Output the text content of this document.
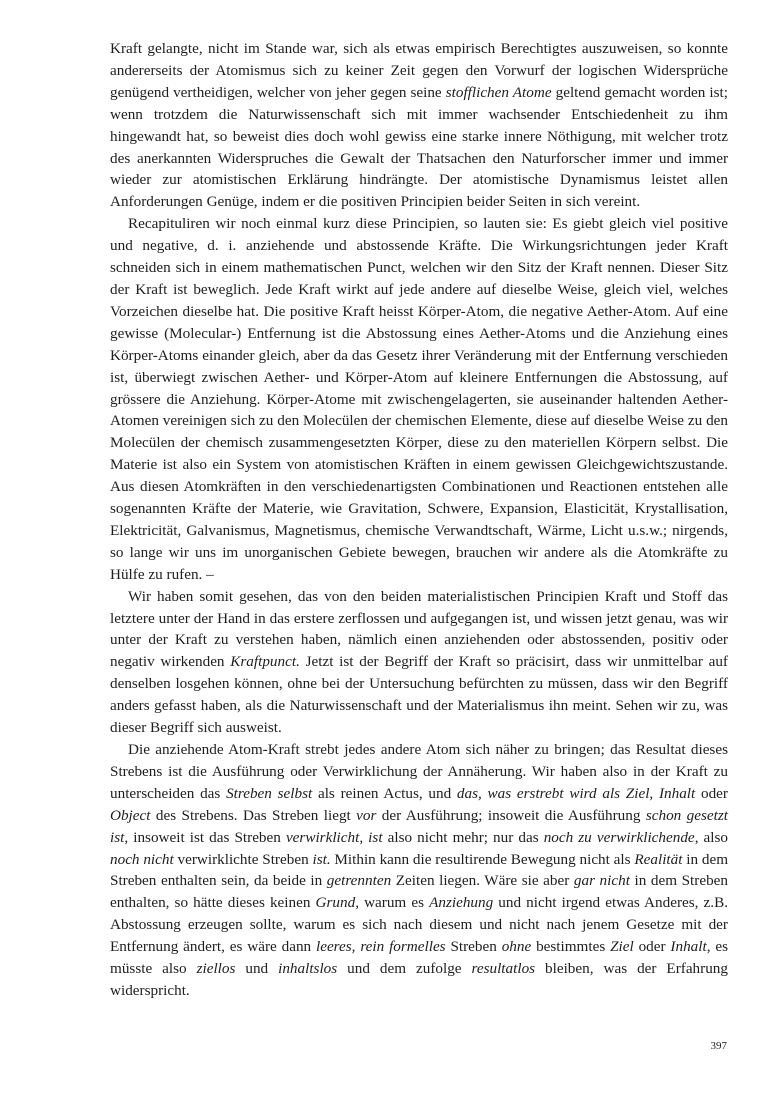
Kraft gelangte, nicht im Stande war, sich als etwas empirisch Berechtigtes auszuweisen, so konnte andererseits der Atomismus sich zu keiner Zeit gegen den Vorwurf der logischen Widersprüche genügend vertheidigen, welcher von jeher gegen seine stofflichen Atome geltend gemacht worden ist; wenn trotzdem die Naturwissenschaft sich mit immer wachsender Entschiedenheit zu ihm hingewandt hat, so beweist dies doch wohl gewiss eine starke innere Nöthigung, mit welcher trotz des anerkannten Widerspruches die Gewalt der Thatsachen den Naturforscher immer und immer wieder zur atomistischen Erklärung hindrängte. Der atomistische Dynamismus leistet allen Anforderungen Genüge, indem er die positiven Principien beider Seiten in sich vereint.

Recapituliren wir noch einmal kurz diese Principien, so lauten sie: Es giebt gleich viel positive und negative, d. i. anziehende und abstossende Kräfte. Die Wirkungsrichtungen jeder Kraft schneiden sich in einem mathematischen Punct, welchen wir den Sitz der Kraft nennen. Dieser Sitz der Kraft ist beweglich. Jede Kraft wirkt auf jede andere auf dieselbe Weise, gleich viel, welches Vorzeichen dieselbe hat. Die positive Kraft heisst Körper-Atom, die negative Aether-Atom. Auf eine gewisse (Molecular-) Entfernung ist die Abstossung eines Aether-Atoms und die Anziehung eines Körper-Atoms einander gleich, aber da das Gesetz ihrer Veränderung mit der Entfernung verschieden ist, überwiegt zwischen Aether- und Körper-Atom auf kleinere Entfernungen die Abstossung, auf grössere die Anziehung. Körper-Atome mit zwischengelagerten, sie auseinander haltenden Aether-Atomen vereinigen sich zu den Molecülen der chemischen Elemente, diese auf dieselbe Weise zu den Molecülen der chemisch zusammengesetzten Körper, diese zu den materiellen Körpern selbst. Die Materie ist also ein System von atomistischen Kräften in einem gewissen Gleichgewichtszustande. Aus diesen Atomkräften in den verschiedenartigsten Combinationen und Reactionen entstehen alle sogenannten Kräfte der Materie, wie Gravitation, Schwere, Expansion, Elasticität, Krystallisation, Elektricität, Galvanismus, Magnetismus, chemische Verwandtschaft, Wärme, Licht u.s.w.; nirgends, so lange wir uns im unorganischen Gebiete bewegen, brauchen wir andere als die Atomkräfte zu Hülfe zu rufen. –

Wir haben somit gesehen, das von den beiden materialistischen Principien Kraft und Stoff das letztere unter der Hand in das erstere zerflossen und aufgegangen ist, und wissen jetzt genau, was wir unter der Kraft zu verstehen haben, nämlich einen anziehenden oder abstossenden, positiv oder negativ wirkenden Kraftpunct. Jetzt ist der Begriff der Kraft so präcisirt, dass wir unmittelbar auf denselben losgehen können, ohne bei der Untersuchung befürchten zu müssen, dass wir den Begriff anders gefasst haben, als die Naturwissenschaft und der Materialismus ihn meint. Sehen wir zu, was dieser Begriff sich ausweist.

Die anziehende Atom-Kraft strebt jedes andere Atom sich näher zu bringen; das Resultat dieses Strebens ist die Ausführung oder Verwirklichung der Annäherung. Wir haben also in der Kraft zu unterscheiden das Streben selbst als reinen Actus, und das, was erstrebt wird als Ziel, Inhalt oder Object des Strebens. Das Streben liegt vor der Ausführung; insoweit die Ausführung schon gesetzt ist, insoweit ist das Streben verwirklicht, ist also nicht mehr; nur das noch zu verwirklichende, also noch nicht verwirklichte Streben ist. Mithin kann die resultirende Bewegung nicht als Realität in dem Streben enthalten sein, da beide in getrennten Zeiten liegen. Wäre sie aber gar nicht in dem Streben enthalten, so hätte dieses keinen Grund, warum es Anziehung und nicht irgend etwas Anderes, z.B. Abstossung erzeugen sollte, warum es sich nach diesem und nicht nach jenem Gesetze mit der Entfernung ändert, es wäre dann leeres, rein formelles Streben ohne bestimmtes Ziel oder Inhalt, es müsste also ziellos und inhaltslos und dem zufolge resultatlos bleiben, was der Erfahrung widerspricht.

397
